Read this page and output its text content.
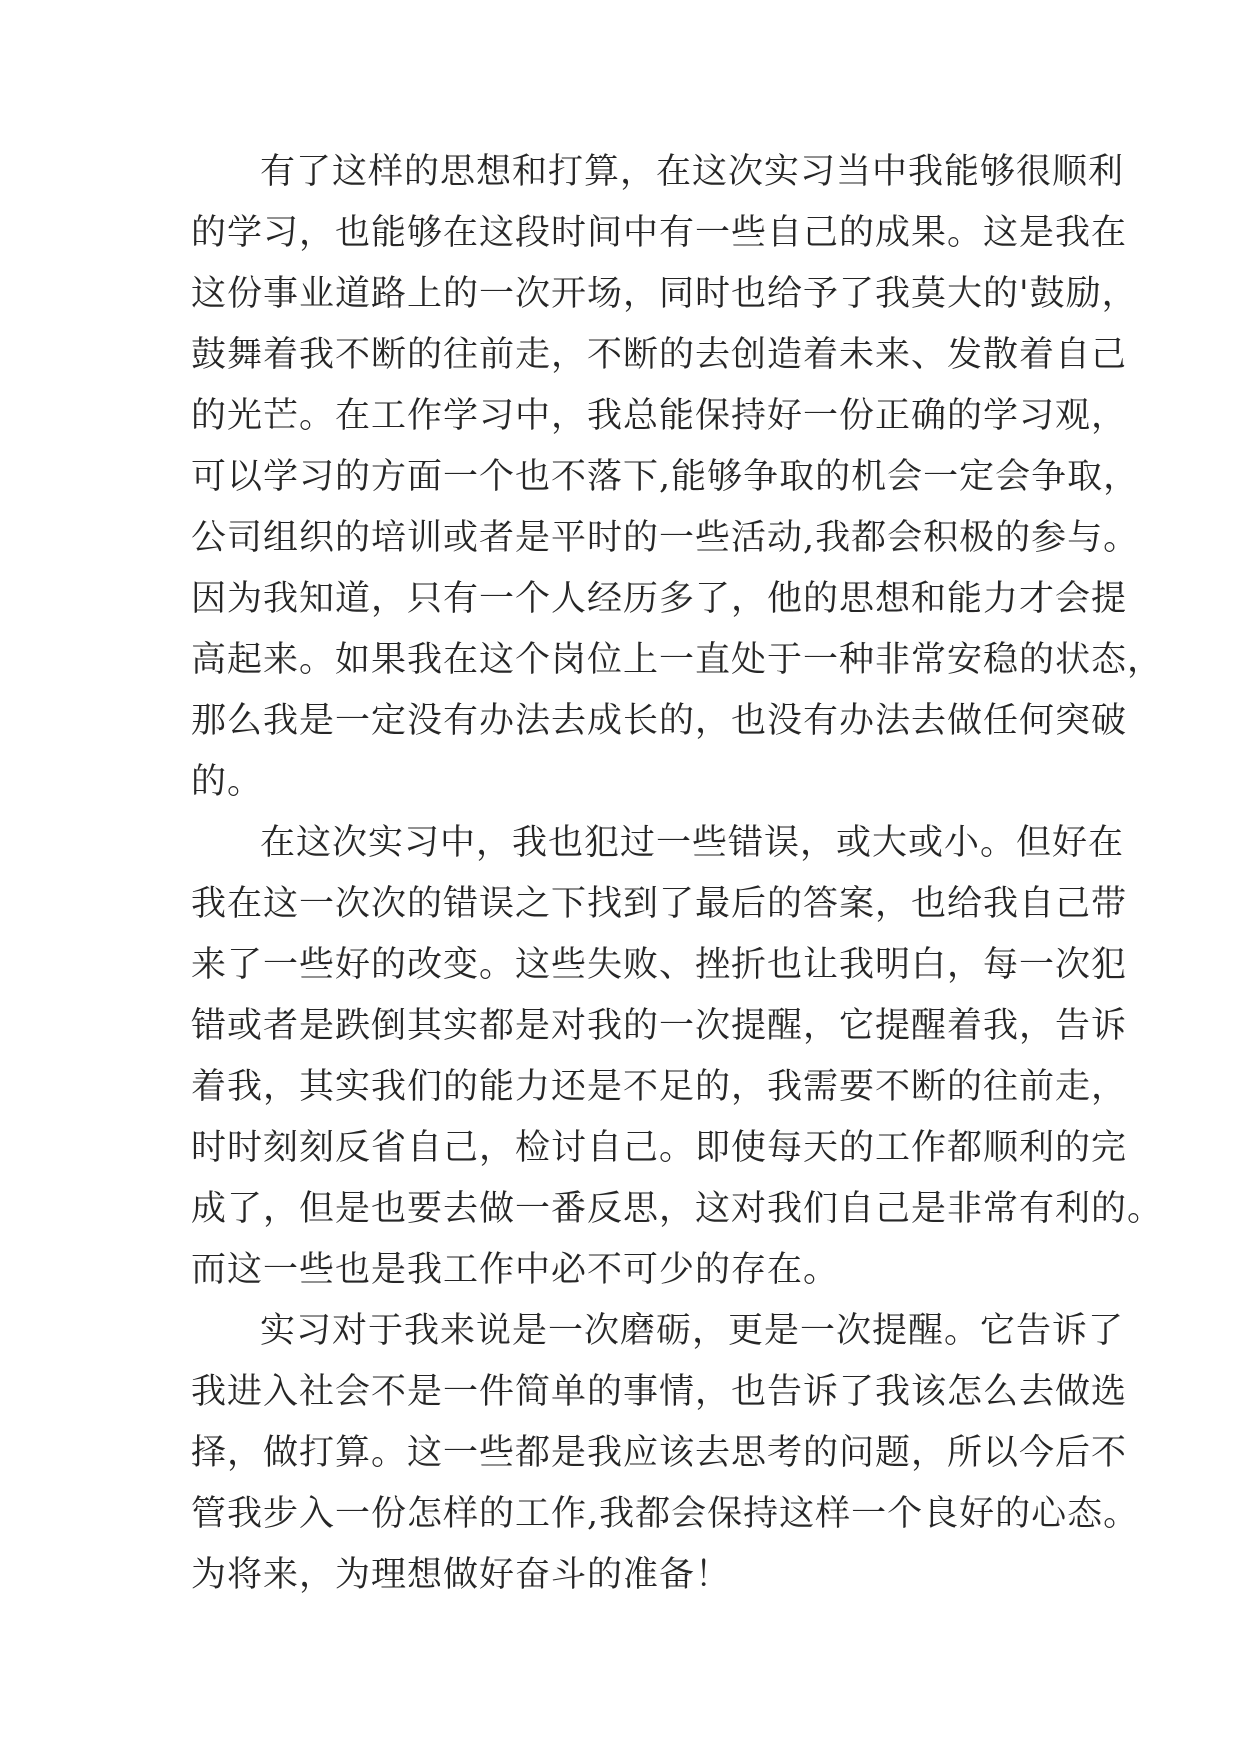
有了这样的思想和打算，在这次实习当中我能够很顺利

的学习，也能够在这段时间中有一些自己的成果。这是我在

这份事业道路上的一次开场，同时也给予了我莫大的'鼓励，

鼓舞着我不断的往前走，不断的去创造着未来、发散着自己

的光芒。在工作学习中，我总能保持好一份正确的学习观，

可以学习的方面一个也不落下,能够争取的机会一定会争取，

公司组织的培训或者是平时的一些活动,我都会积极的参与。

因为我知道，只有一个人经历多了，他的思想和能力才会提

高起来。如果我在这个岗位上一直处于一种非常安稳的状态，

那么我是一定没有办法去成长的，也没有办法去做任何突破

的。

在这次实习中，我也犯过一些错误，或大或小。但好在

我在这一次次的错误之下找到了最后的答案，也给我自己带

来了一些好的改变。这些失败、挫折也让我明白，每一次犯

错或者是跌倒其实都是对我的一次提醒，它提醒着我，告诉

着我，其实我们的能力还是不足的，我需要不断的往前走，

时时刻刻反省自己，检讨自己。即使每天的工作都顺利的完

成了，但是也要去做一番反思，这对我们自己是非常有利的。

而这一些也是我工作中必不可少的存在。

实习对于我来说是一次磨砺，更是一次提醒。它告诉了

我进入社会不是一件简单的事情，也告诉了我该怎么去做选

择，做打算。这一些都是我应该去思考的问题，所以今后不

管我步入一份怎样的工作,我都会保持这样一个良好的心态。

为将来，为理想做好奋斗的准备！
